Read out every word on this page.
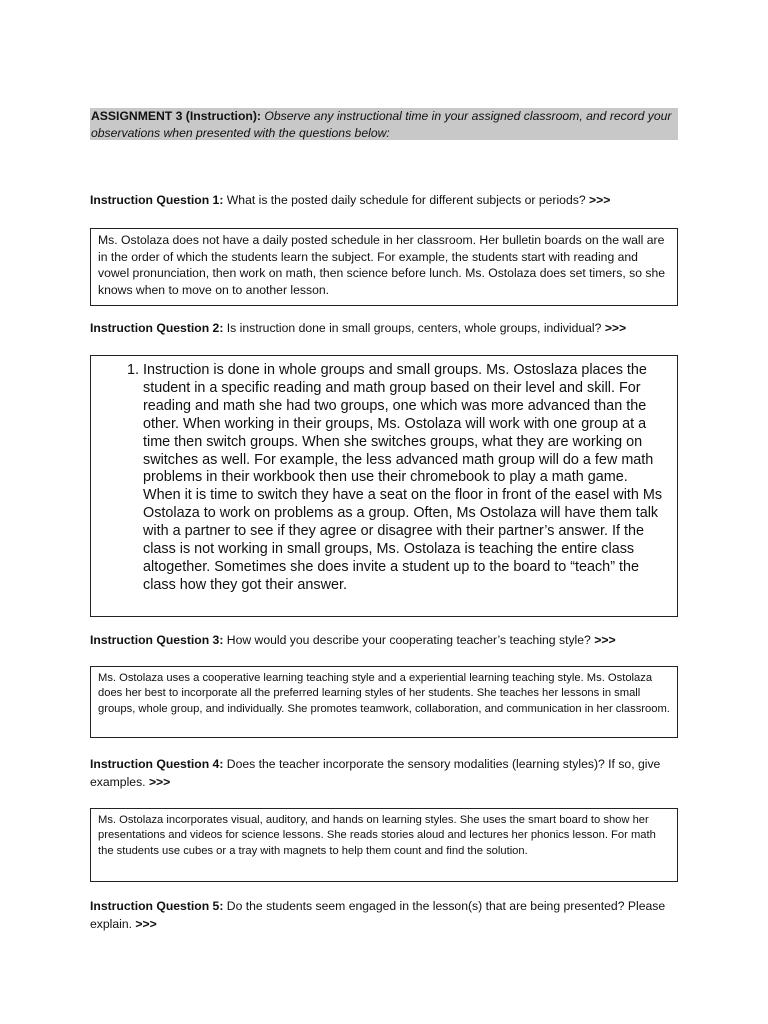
ASSIGNMENT 3 (Instruction): Observe any instructional time in your assigned classroom, and record your observations when presented with the questions below:
Instruction Question 1: What is the posted daily schedule for different subjects or periods? >>>
Ms. Ostolaza does not have a daily posted schedule in her classroom. Her bulletin boards on the wall are in the order of which the students learn the subject. For example, the students start with reading and vowel pronunciation, then work on math, then science before lunch. Ms. Ostolaza does set timers, so she knows when to move on to another lesson.
Instruction Question 2: Is instruction done in small groups, centers, whole groups, individual? >>>
1. Instruction is done in whole groups and small groups. Ms. Ostoslaza places the student in a specific reading and math group based on their level and skill. For reading and math she had two groups, one which was more advanced than the other. When working in their groups, Ms. Ostolaza will work with one group at a time then switch groups. When she switches groups, what they are working on switches as well. For example, the less advanced math group will do a few math problems in their workbook then use their chromebook to play a math game. When it is time to switch they have a seat on the floor in front of the easel with Ms Ostolaza to work on problems as a group. Often, Ms Ostolaza will have them talk with a partner to see if they agree or disagree with their partner’s answer. If the class is not working in small groups, Ms. Ostolaza is teaching the entire class altogether. Sometimes she does invite a student up to the board to “teach” the class how they got their answer.
Instruction Question 3: How would you describe your cooperating teacher’s teaching style? >>>
Ms. Ostolaza uses a cooperative learning teaching style and a experiential learning teaching style. Ms. Ostolaza does her best to incorporate all the preferred learning styles of her students. She teaches her lessons in small groups, whole group, and individually. She promotes teamwork, collaboration, and communication in her classroom.
Instruction Question 4: Does the teacher incorporate the sensory modalities (learning styles)? If so, give examples. >>>
Ms. Ostolaza incorporates visual, auditory, and hands on learning styles. She uses the smart board to show her presentations and videos for science lessons. She reads stories aloud and lectures her phonics lesson. For math the students use cubes or a tray with magnets to help them count and find the solution.
Instruction Question 5: Do the students seem engaged in the lesson(s) that are being presented? Please explain. >>>
